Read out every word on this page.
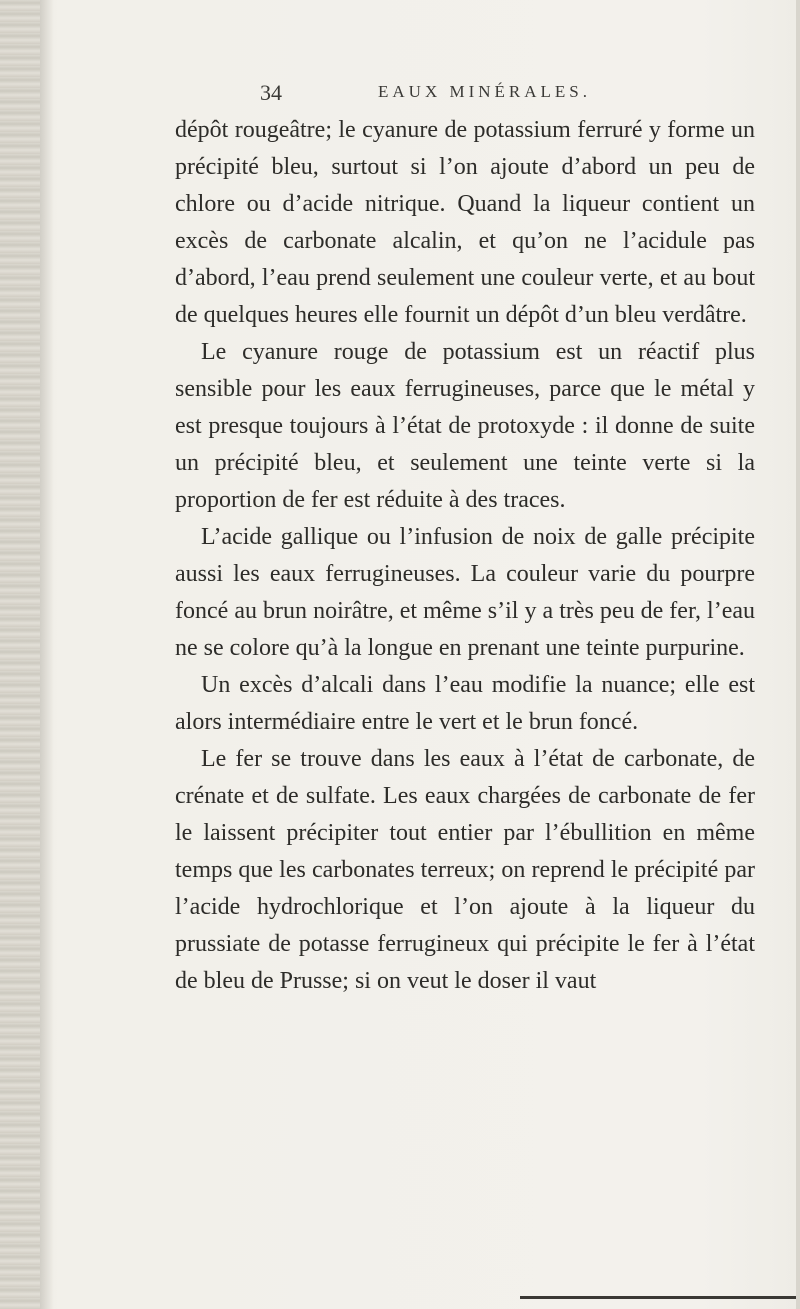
34	EAUX MINÉRALES.

dépôt rougeâtre; le cyanure de potassium ferruré y forme un précipité bleu, surtout si l’on ajoute d’abord un peu de chlore ou d’acide nitrique. Quand la liqueur contient un excès de carbonate alcalin, et qu’on ne l’acidule pas d’abord, l’eau prend seulement une couleur verte, et au bout de quelques heures elle fournit un dépôt d’un bleu verdâtre.

Le cyanure rouge de potassium est un réactif plus sensible pour les eaux ferrugineuses, parce que le métal y est presque toujours à l’état de protoxyde : il donne de suite un précipité bleu, et seulement une teinte verte si la proportion de fer est réduite à des traces.

L’acide gallique ou l’infusion de noix de galle précipite aussi les eaux ferrugineuses. La couleur varie du pourpre foncé au brun noirâtre, et même s’il y a très peu de fer, l’eau ne se colore qu’à la longue en prenant une teinte purpurine.

Un excès d’alcali dans l’eau modifie la nuance; elle est alors intermédiaire entre le vert et le brun foncé.

Le fer se trouve dans les eaux à l’état de carbonate, de crénate et de sulfate. Les eaux chargées de carbonate de fer le laissent précipiter tout entier par l’ébullition en même temps que les carbonates terreux; on reprend le précipité par l’acide hydrochlorique et l’on ajoute à la liqueur du prussiate de potasse ferrugineux qui précipite le fer à l’état de bleu de Prusse; si on veut le doser il vaut
